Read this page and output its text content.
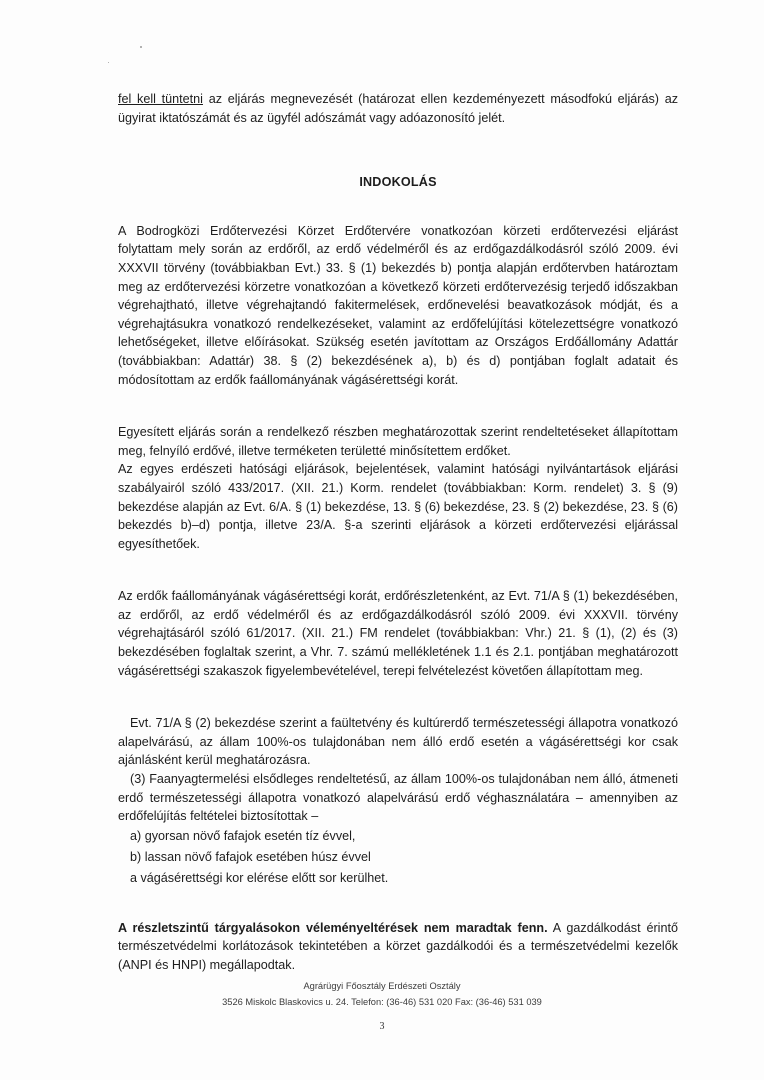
fel kell tüntetni az eljárás megnevezését (határozat ellen kezdeményezett másodfokú eljárás) az ügyirat iktatószámát és az ügyfél adószámát vagy adóazonosító jelét.

INDOKOLÁS

A Bodrogközi Erdőtervezési Körzet Erdőtervére vonatkozóan körzeti erdőtervezési eljárást folytattam mely során az erdőről, az erdő védelméről és az erdőgazdálkodásról szóló 2009. évi XXXVII törvény (továbbiakban Evt.) 33. § (1) bekezdés b) pontja alapján erdőtervben határoztam meg az erdőtervezési körzetre vonatkozóan a következő körzeti erdőtervezésig terjedő időszakban végrehajtható, illetve végrehajtandó fakitermelések, erdőnevelési beavatkozások módját, és a végrehajtásukra vonatkozó rendelkezéseket, valamint az erdőfelújítási kötelezettségre vonatkozó lehetőségeket, illetve előírásokat. Szükség esetén javítottam az Országos Erdőállomány Adattár (továbbiakban: Adattár) 38. § (2) bekezdésének a), b) és d) pontjában foglalt adatait és módosítottam az erdők faállományának vágásérettségi korát.

Egyesített eljárás során a rendelkező részben meghatározottak szerint rendeltetéseket állapítottam meg, felnyíló erdővé, illetve terméketen területté minősítettem erdőket.

Az egyes erdészeti hatósági eljárások, bejelentések, valamint hatósági nyilvántartások eljárási szabályairól szóló 433/2017. (XII. 21.) Korm. rendelet (továbbiakban: Korm. rendelet) 3. § (9) bekezdése alapján az Evt. 6/A. § (1) bekezdése, 13. § (6) bekezdése, 23. § (2) bekezdése, 23. § (6) bekezdés b)–d) pontja, illetve 23/A. §-a szerinti eljárások a körzeti erdőtervezési eljárással egyesíthetőek.

Az erdők faállományának vágásérettségi korát, erdőrészletenként, az Evt. 71/A § (1) bekezdésében, az erdőről, az erdő védelméről és az erdőgazdálkodásról szóló 2009. évi XXXVII. törvény végrehajtásáról szóló 61/2017. (XII. 21.) FM rendelet (továbbiakban: Vhr.) 21. § (1), (2) és (3) bekezdésében foglaltak szerint, a Vhr. 7. számú mellékletének 1.1 és 2.1. pontjában meghatározott vágásérettségi szakaszok figyelembevételével, terepi felvételezést követően állapítottam meg.

Evt. 71/A § (2) bekezdése szerint a faültetvény és kultúrerdő természetességi állapotra vonatkozó alapelvárású, az állam 100%-os tulajdonában nem álló erdő esetén a vágásérettségi kor csak ajánlásként kerül meghatározásra.

(3) Faanyagtermelési elsődleges rendeltetésű, az állam 100%-os tulajdonában nem álló, átmeneti erdő természetességi állapotra vonatkozó alapelvárású erdő véghasználatára – amennyiben az erdőfelújítás feltételei biztosítottak –

a) gyorsan növő fafajok esetén tíz évvel,
b) lassan növő fafajok esetében húsz évvel
a vágásérettségi kor elérése előtt sor kerülhet.

A részletszintű tárgyalásokon véleményeltérések nem maradtak fenn. A gazdálkodást érintő természetvédelmi korlátozások tekintetében a körzet gazdálkodói és a természetvédelmi kezelők (ANPI és HNPI) megállapodtak.

Agrárügyi Főosztály Erdészeti Osztály
3526 Miskolc Blaskovics u. 24. Telefon: (36-46) 531 020 Fax: (36-46) 531 039
3
